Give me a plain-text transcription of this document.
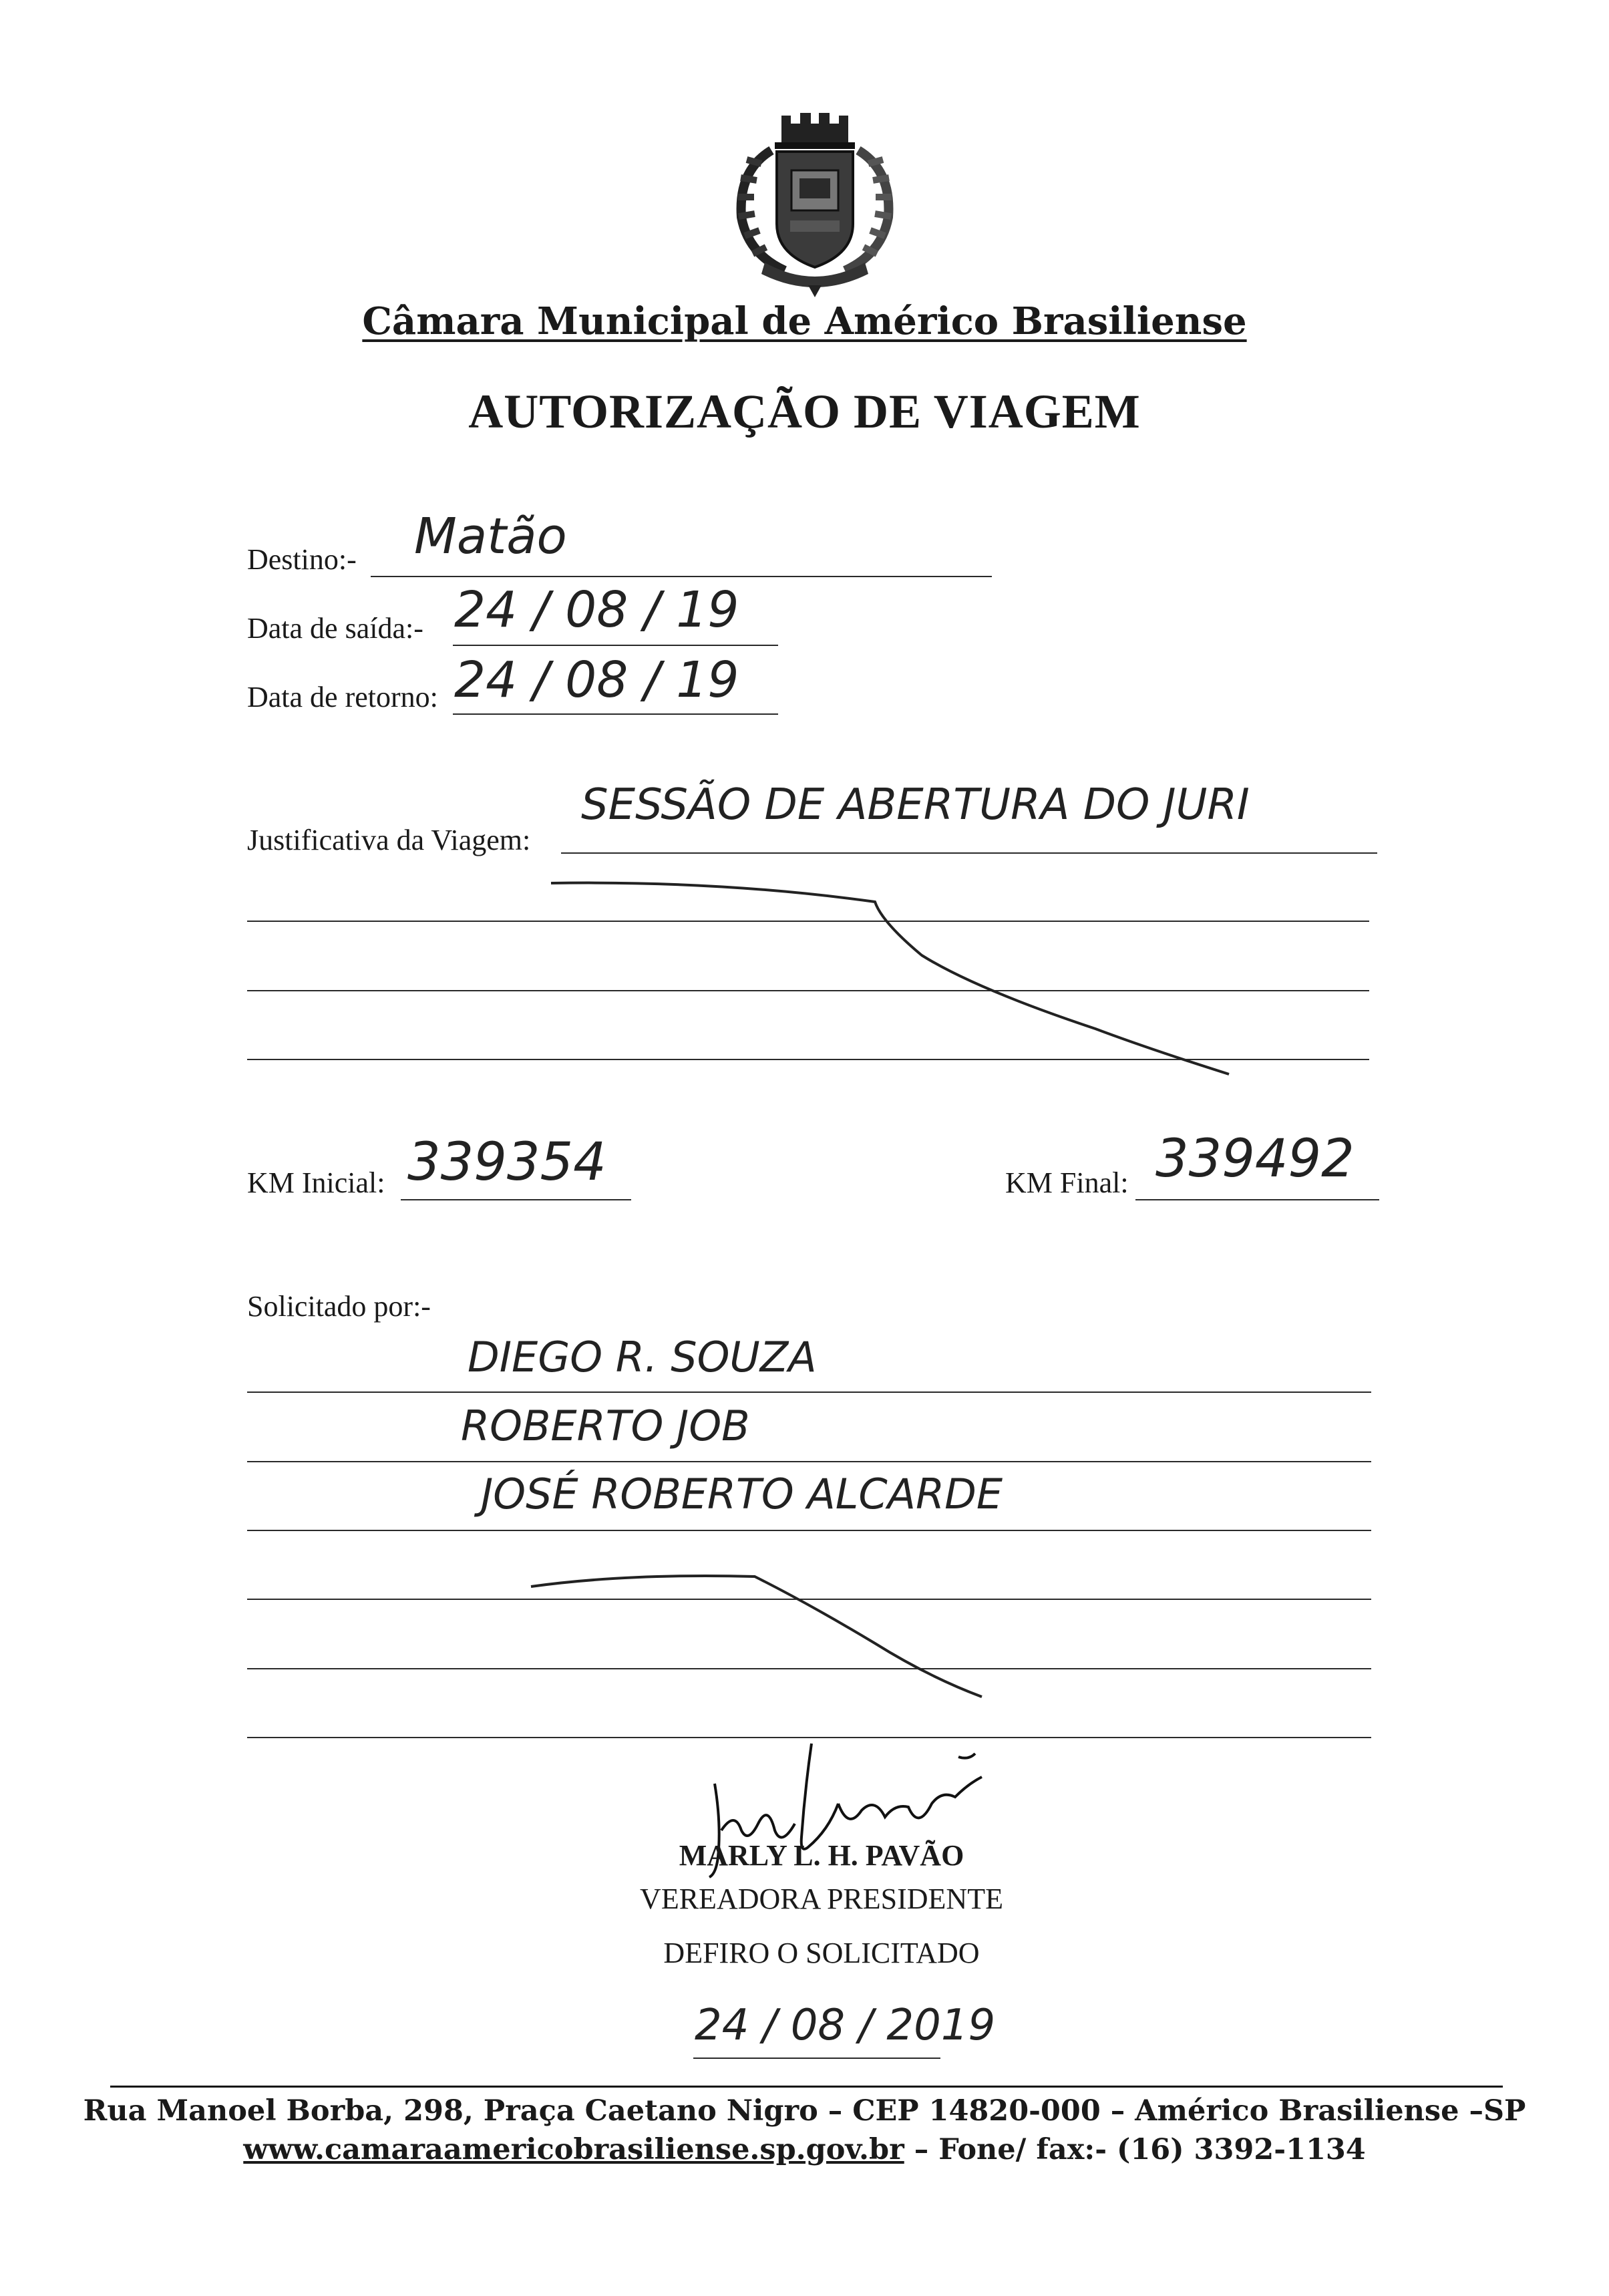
Câmara Municipal de Américo Brasiliense
AUTORIZAÇÃO DE VIAGEM
Destino:- Matão
Data de saída:- 24 / 08 / 19
Data de retorno: 24 / 08 / 19
Justificativa da Viagem:
SESSÃO DE ABERTURA DO JURI
KM Inicial: 339354	KM Final: 339492
Solicitado por:-
DIEGO R. SOUZA
ROBERTO JOB
JOSÉ ROBERTO ALCARDE
MARLY L. H. PAVÃO
VEREADORA PRESIDENTE
DEFIRO O SOLICITADO
24 / 08 / 2019
Rua Manoel Borba, 298, Praça Caetano Nigro – CEP 14820-000 – Américo Brasiliense –SP
www.camaraamericobrasiliense.sp.gov.br – Fone/ fax:- (16) 3392-1134
